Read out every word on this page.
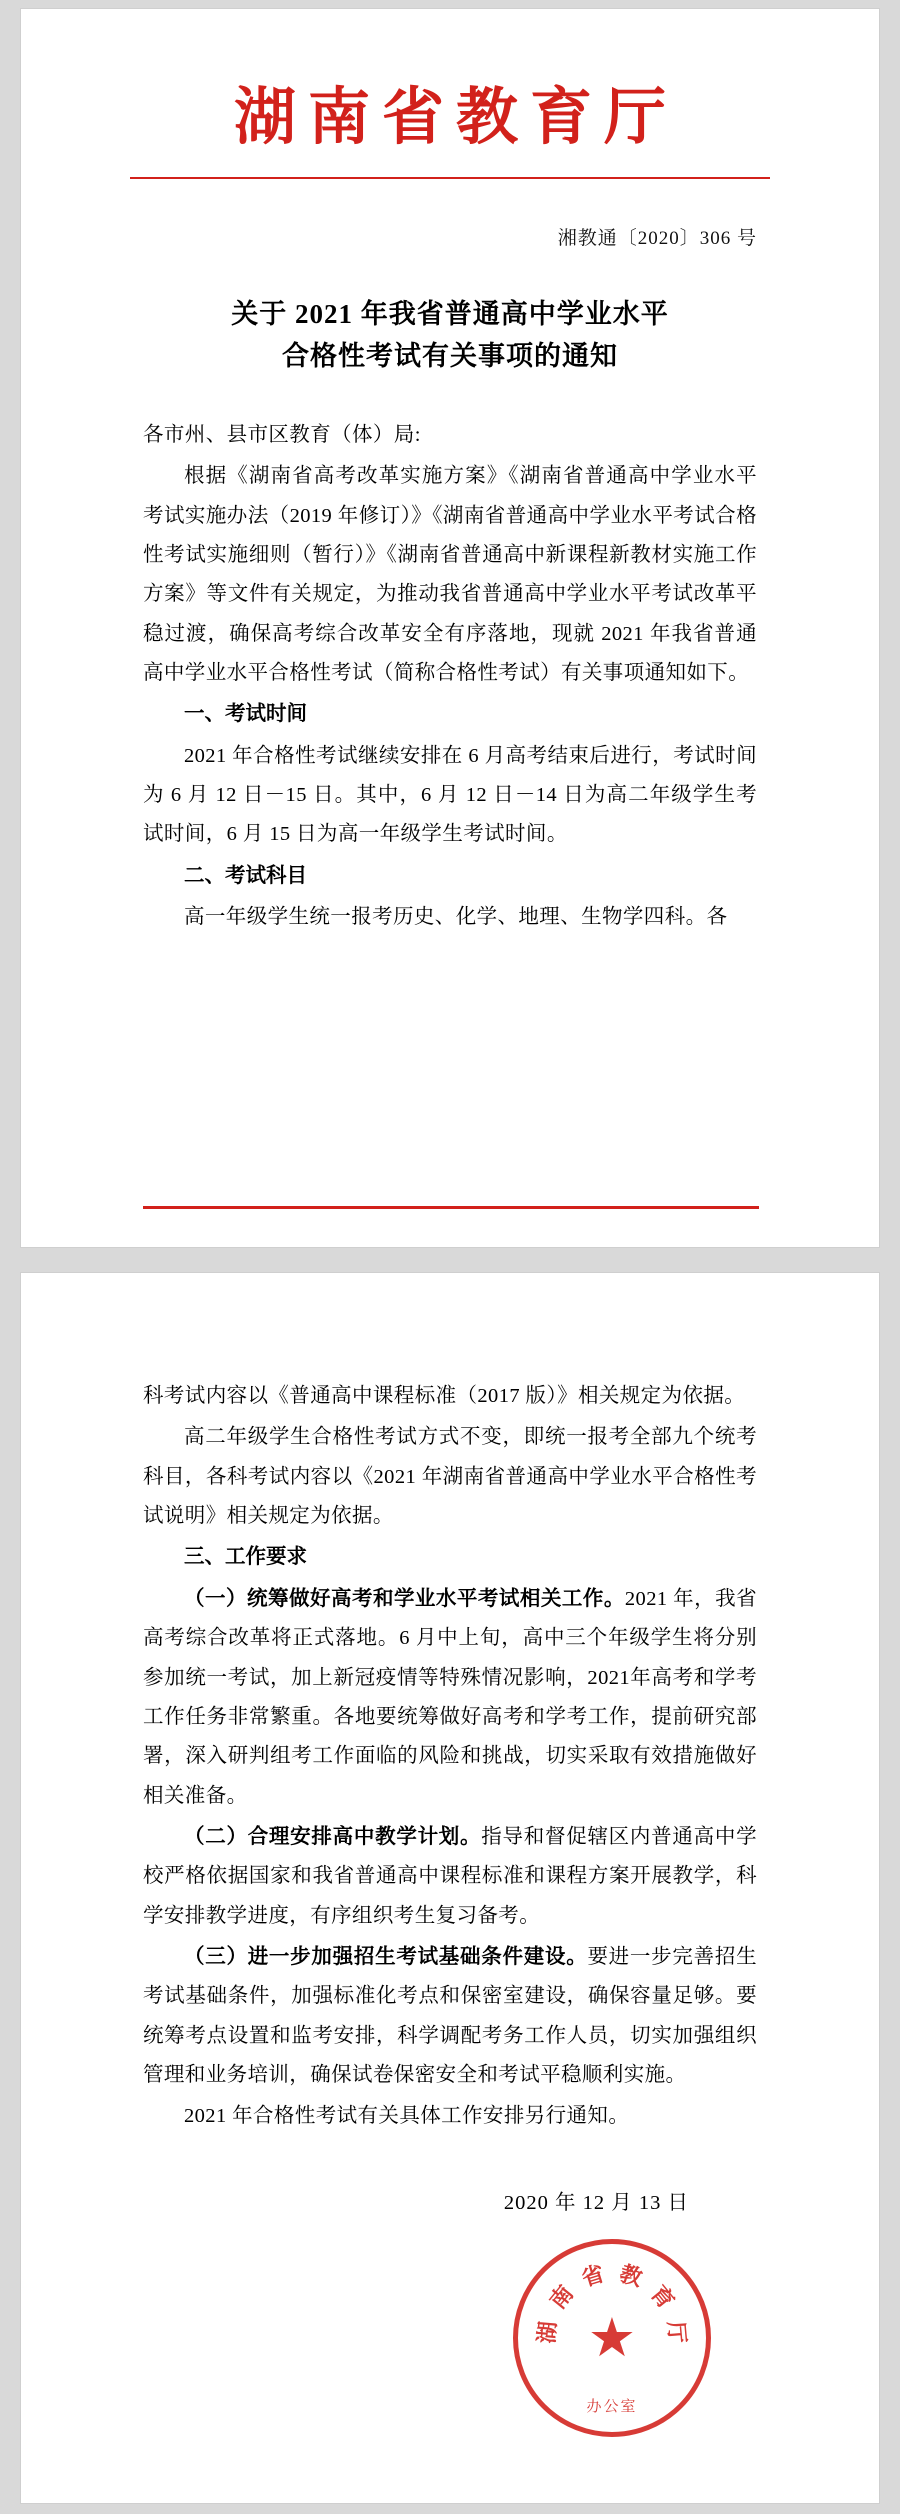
湖南省教育厅
湘教通〔2020〕306 号
关于 2021 年我省普通高中学业水平
合格性考试有关事项的通知

各市州、县市区教育（体）局:

根据《湖南省高考改革实施方案》《湖南省普通高中学业水平考试实施办法（2019 年修订）》《湖南省普通高中学业水平考试合格性考试实施细则（暂行）》《湖南省普通高中新课程新教材实施工作方案》等文件有关规定，为推动我省普通高中学业水平考试改革平稳过渡，确保高考综合改革安全有序落地，现就 2021 年我省普通高中学业水平合格性考试（简称合格性考试）有关事项通知如下。

一、考试时间

2021 年合格性考试继续安排在 6 月高考结束后进行，考试时间为 6 月 12 日－15 日。其中，6 月 12 日－14 日为高二年级学生考试时间，6 月 15 日为高一年级学生考试时间。

二、考试科目

高一年级学生统一报考历史、化学、地理、生物学四科。各

科考试内容以《普通高中课程标准（2017 版）》相关规定为依据。

高二年级学生合格性考试方式不变，即统一报考全部九个统考科目，各科考试内容以《2021 年湖南省普通高中学业水平合格性考试说明》相关规定为依据。

三、工作要求

（一）统筹做好高考和学业水平考试相关工作。2021 年，我省高考综合改革将正式落地。6 月中上旬，高中三个年级学生将分别参加统一考试，加上新冠疫情等特殊情况影响，2021年高考和学考工作任务非常繁重。各地要统筹做好高考和学考工作，提前研究部署，深入研判组考工作面临的风险和挑战，切实采取有效措施做好相关准备。

（二）合理安排高中教学计划。指导和督促辖区内普通高中学校严格依据国家和我省普通高中课程标准和课程方案开展教学，科学安排教学进度，有序组织考生复习备考。

（三）进一步加强招生考试基础条件建设。要进一步完善招生考试基础条件，加强标准化考点和保密室建设，确保容量足够。要统筹考点设置和监考安排，科学调配考务工作人员，切实加强组织管理和业务培训，确保试卷保密安全和考试平稳顺利实施。

2021 年合格性考试有关具体工作安排另行通知。

2020 年 12 月 13 日
湖
南
省 教
育
厅
★
办公室
